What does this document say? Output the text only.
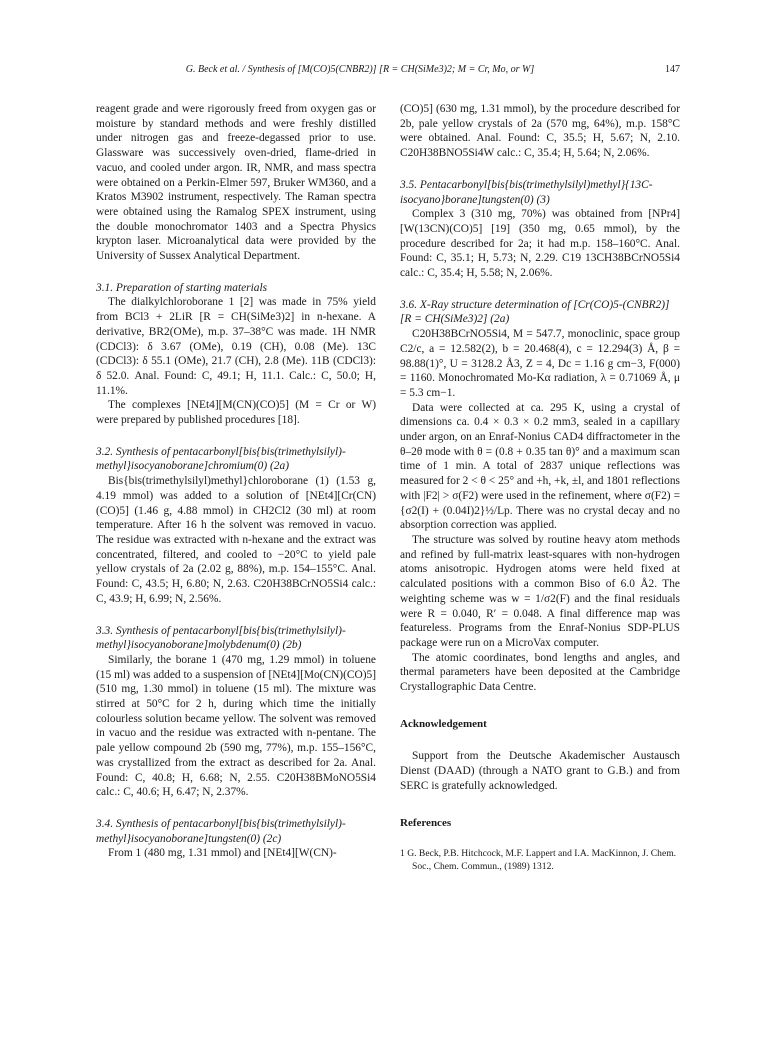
G. Beck et al. / Synthesis of [M(CO)5(CNBR2)] [R = CH(SiMe3)2; M = Cr, Mo, or W]	147

reagent grade and were rigorously freed from oxygen gas or moisture by standard methods and were freshly distilled under nitrogen gas and freeze-degassed prior to use. Glassware was successively oven-dried, flame-dried in vacuo, and cooled under argon. IR, NMR, and mass spectra were obtained on a Perkin-Elmer 597, Bruker WM360, and a Kratos M3902 instrument, respectively. The Raman spectra were obtained using the Ramalog SPEX instrument, using the double monochromator 1403 and a Spectra Physics krypton laser. Microanalytical data were provided by the University of Sussex Analytical Department.

3.1. Preparation of starting materials

The dialkylchloroborane 1 [2] was made in 75% yield from BCl3 + 2LiR [R = CH(SiMe3)2] in n-hexane. A derivative, BR2(OMe), m.p. 37–38°C was made. 1H NMR (CDCl3): δ 3.67 (OMe), 0.19 (CH), 0.08 (Me). 13C (CDCl3): δ 55.1 (OMe), 21.7 (CH), 2.8 (Me). 11B (CDCl3): δ 52.0. Anal. Found: C, 49.1; H, 11.1. Calc.: C, 50.0; H, 11.1%.

The complexes [NEt4][M(CN)(CO)5] (M = Cr or W) were prepared by published procedures [18].

3.2. Synthesis of pentacarbonyl[bis{bis(trimethylsilyl)-methyl}isocyanoborane]chromium(0) (2a)

Bis{bis(trimethylsilyl)methyl}chloroborane (1) (1.53 g, 4.19 mmol) was added to a solution of [NEt4][Cr(CN)(CO)5] (1.46 g, 4.88 mmol) in CH2Cl2 (30 ml) at room temperature. After 16 h the solvent was removed in vacuo. The residue was extracted with n-hexane and the extract was concentrated, filtered, and cooled to −20°C to yield pale yellow crystals of 2a (2.02 g, 88%), m.p. 154–155°C. Anal. Found: C, 43.5; H, 6.80; N, 2.63. C20H38BCrNO5Si4 calc.: C, 43.9; H, 6.99; N, 2.56%.

3.3. Synthesis of pentacarbonyl[bis{bis(trimethylsilyl)-methyl}isocyanoborane]molybdenum(0) (2b)

Similarly, the borane 1 (470 mg, 1.29 mmol) in toluene (15 ml) was added to a suspension of [NEt4][Mo(CN)(CO)5] (510 mg, 1.30 mmol) in toluene (15 ml). The mixture was stirred at 50°C for 2 h, during which time the initially colourless solution became yellow. The solvent was removed in vacuo and the residue was extracted with n-pentane. The pale yellow compound 2b (590 mg, 77%), m.p. 155–156°C, was crystallized from the extract as described for 2a. Anal. Found: C, 40.8; H, 6.68; N, 2.55. C20H38BMoNO5Si4 calc.: C, 40.6; H, 6.47; N, 2.37%.

3.4. Synthesis of pentacarbonyl[bis{bis(trimethylsilyl)-methyl}isocyanoborane]tungsten(0) (2c)

From 1 (480 mg, 1.31 mmol) and [NEt4][W(CN)-

(CO)5] (630 mg, 1.31 mmol), by the procedure described for 2b, pale yellow crystals of 2a (570 mg, 64%), m.p. 158°C were obtained. Anal. Found: C, 35.5; H, 5.67; N, 2.10. C20H38BNO5Si4W calc.: C, 35.4; H, 5.64; N, 2.06%.

3.5. Pentacarbonyl[bis{bis(trimethylsilyl)methyl}{13C-isocyano}borane]tungsten(0) (3)

Complex 3 (310 mg, 70%) was obtained from [NPr4][W(13CN)(CO)5] [19] (350 mg, 0.65 mmol), by the procedure described for 2a; it had m.p. 158–160°C. Anal. Found: C, 35.1; H, 5.73; N, 2.29. C19 13CH38BCrNO5Si4 calc.: C, 35.4; H, 5.58; N, 2.06%.

3.6. X-Ray structure determination of [Cr(CO)5-(CNBR2)] [R = CH(SiMe3)2] (2a)

C20H38BCrNO5Si4, M = 547.7, monoclinic, space group C2/c, a = 12.582(2), b = 20.468(4), c = 12.294(3) Å, β = 98.88(1)°, U = 3128.2 Å3, Z = 4, Dc = 1.16 g cm−3, F(000) = 1160. Monochromated Mo-Kα radiation, λ = 0.71069 Å, μ = 5.3 cm−1.

Data were collected at ca. 295 K, using a crystal of dimensions ca. 0.4 × 0.3 × 0.2 mm3, sealed in a capillary under argon, on an Enraf-Nonius CAD4 diffractometer in the θ–2θ mode with θ = (0.8 + 0.35 tan θ)° and a maximum scan time of 1 min. A total of 2837 unique reflections was measured for 2 < θ < 25° and +h, +k, ±l, and 1801 reflections with |F2| > σ(F2) were used in the refinement, where σ(F2) = {σ2(I) + (0.04I)2}½/Lp. There was no crystal decay and no absorption correction was applied.

The structure was solved by routine heavy atom methods and refined by full-matrix least-squares with non-hydrogen atoms anisotropic. Hydrogen atoms were held fixed at calculated positions with a common Biso of 6.0 Å2. The weighting scheme was w = 1/σ2(F) and the final residuals were R = 0.040, R′ = 0.048. A final difference map was featureless. Programs from the Enraf-Nonius SDP-PLUS package were run on a MicroVax computer.

The atomic coordinates, bond lengths and angles, and thermal parameters have been deposited at the Cambridge Crystallographic Data Centre.

Acknowledgement

Support from the Deutsche Akademischer Austausch Dienst (DAAD) (through a NATO grant to G.B.) and from SERC is gratefully acknowledged.

References

1 G. Beck, P.B. Hitchcock, M.F. Lappert and I.A. MacKinnon, J. Chem. Soc., Chem. Commun., (1989) 1312.
